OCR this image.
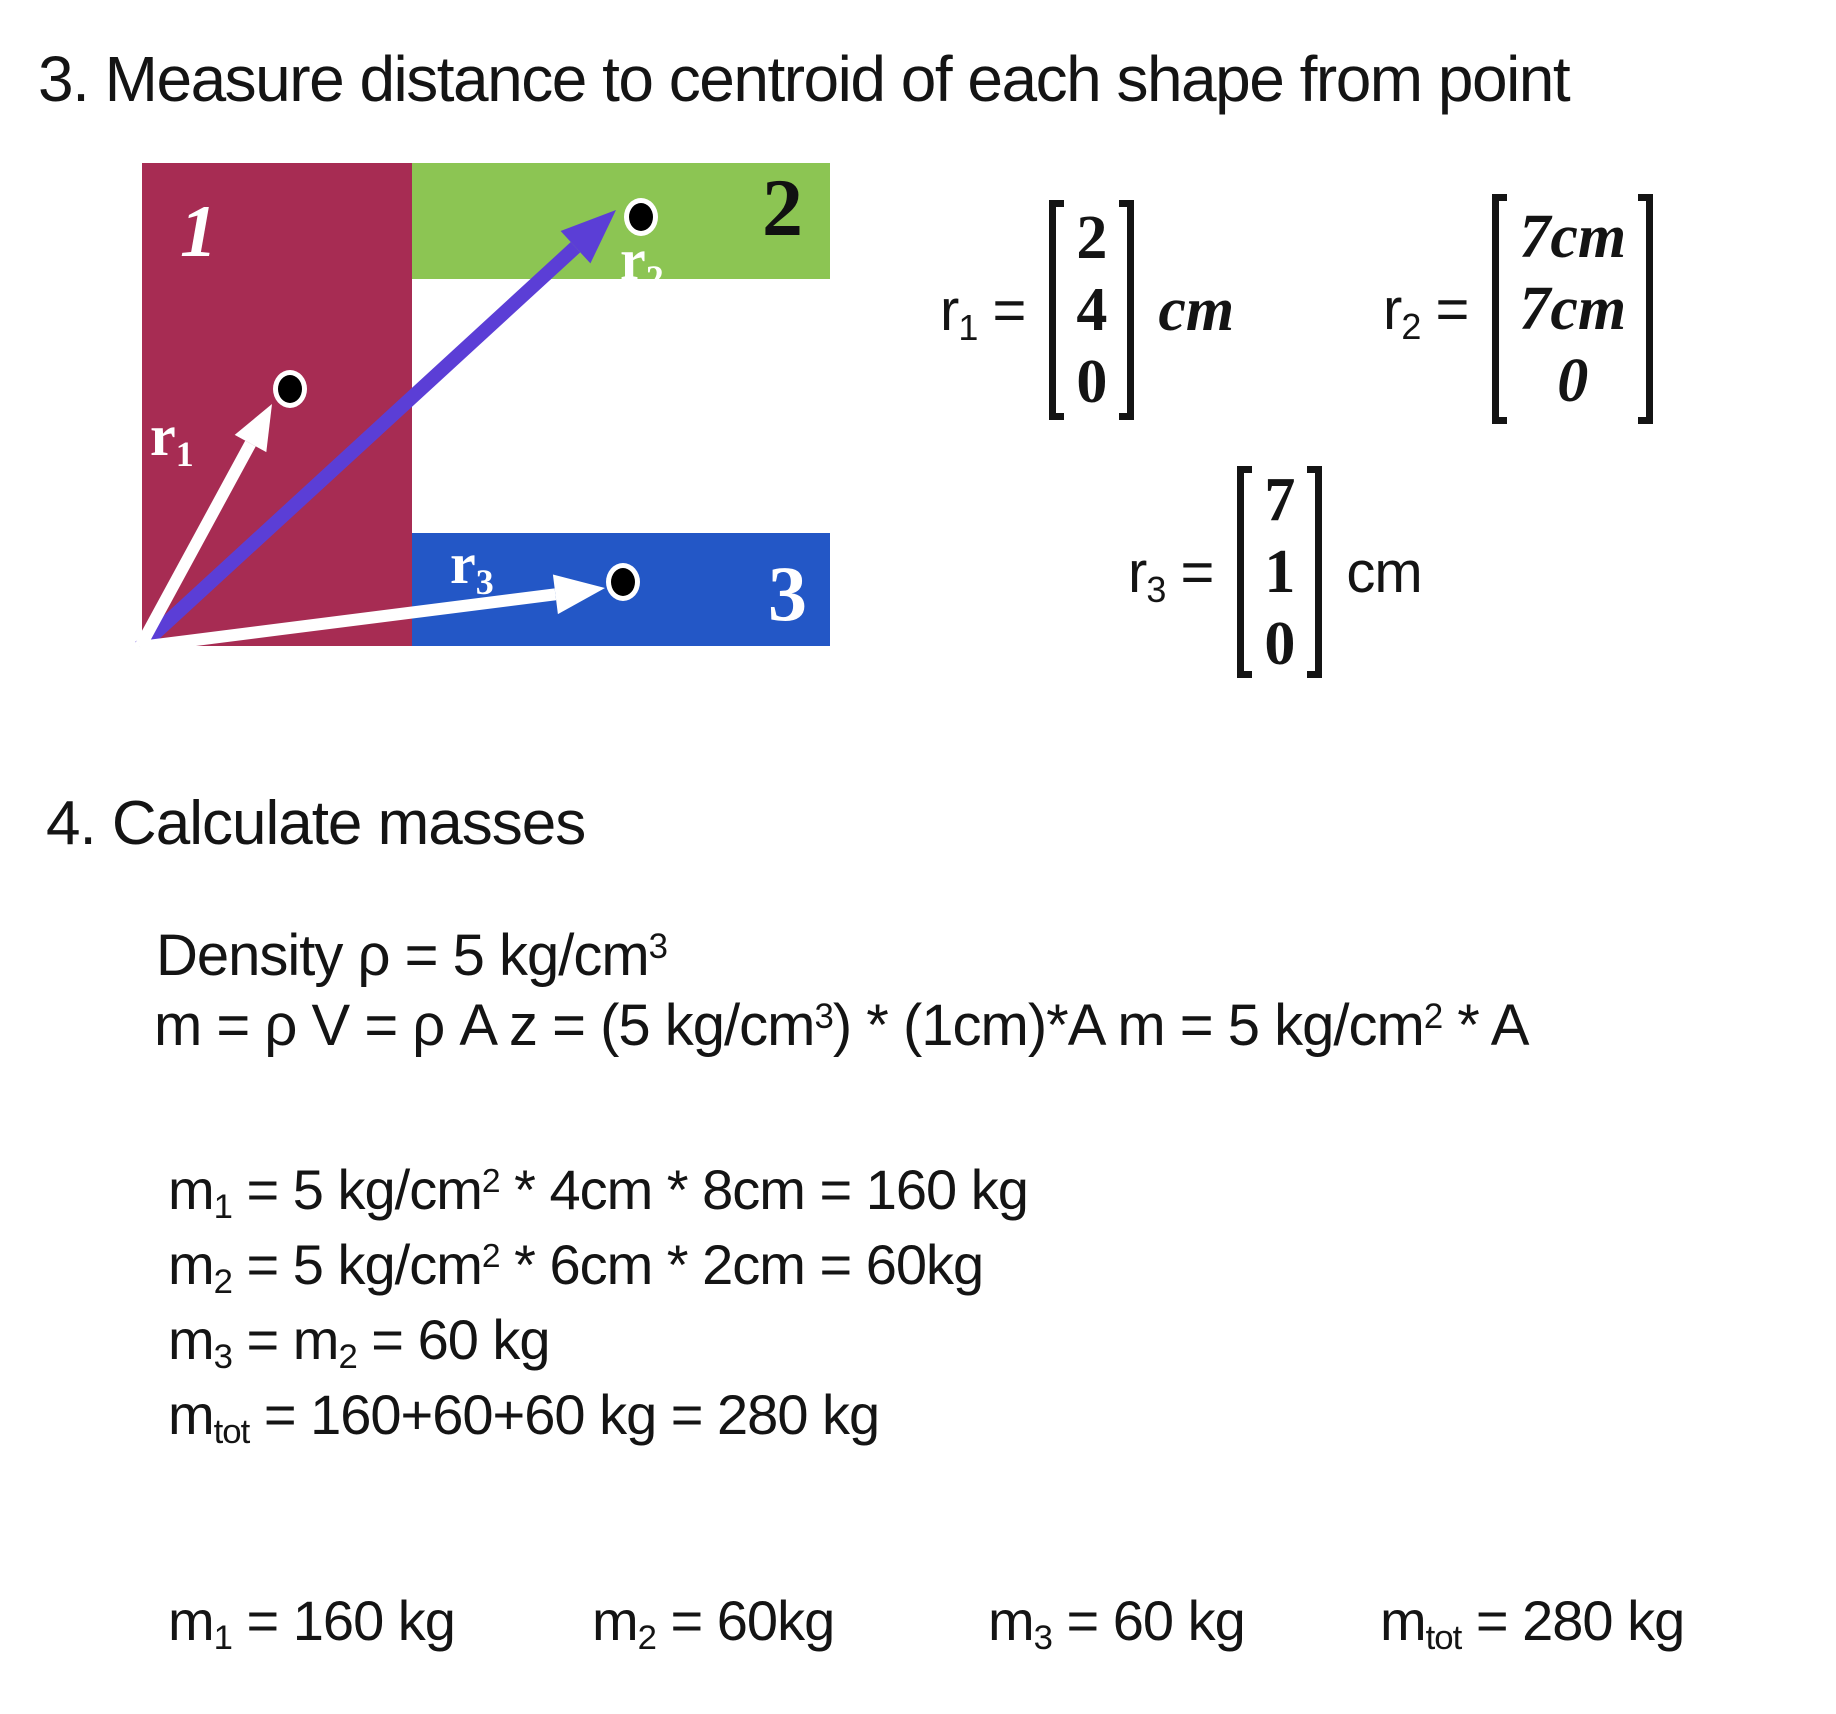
3. Measure distance to centroid of each shape from point
1	2
3
$r_1$
$r_2$
$r_3$
$r_1$ =
2
4
0
cm	$r_2$ =
7cm
7cm
0
$r_3$ =
7
1
0
cm
4. Calculate masses
Density ρ = 5 $kg/cm^3$
m = ρ V = ρ A z = (5 $kg/cm^3) * (1cm)*A$ m = 5 $kg/cm^2$ * A
$m_1 = 5$ $kg/cm^2 * 4cm * 8cm = 160$ kg
$m_2 = 5$ $kg/cm^2 * 6cm * 2cm = 60kg$
$m_3 = m_2 = 60$ kg
$m_{tot} = 160+60+60$ kg = 280 kg
$m_1 = 160$ kg $m_2 = 60kg$	$m_3 = 60$ kg $m_{tot} = 280$ kg
